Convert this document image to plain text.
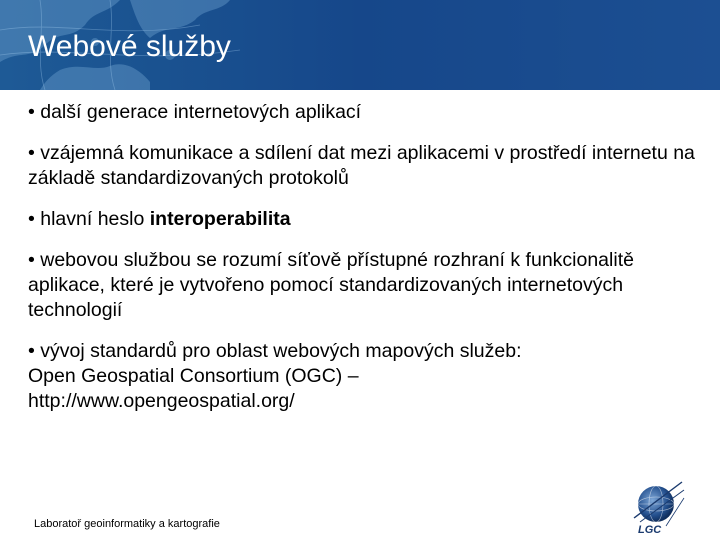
Webové služby

• další generace internetových aplikací

• vzájemná komunikace a sdílení dat mezi aplikacemi v prostředí internetu na základě standardizovaných protokolů

• hlavní heslo interoperabilita

• webovou službou se rozumí síťově přístupné rozhraní k funkcionalitě aplikace, které je vytvořeno pomocí standardizovaných internetových technologií

• vývoj standardů pro oblast webových mapových služeb:
Open Geospatial Consortium (OGC) –
http://www.opengeospatial.org/

Laboratoř geoinformatiky a kartografie	LGC
